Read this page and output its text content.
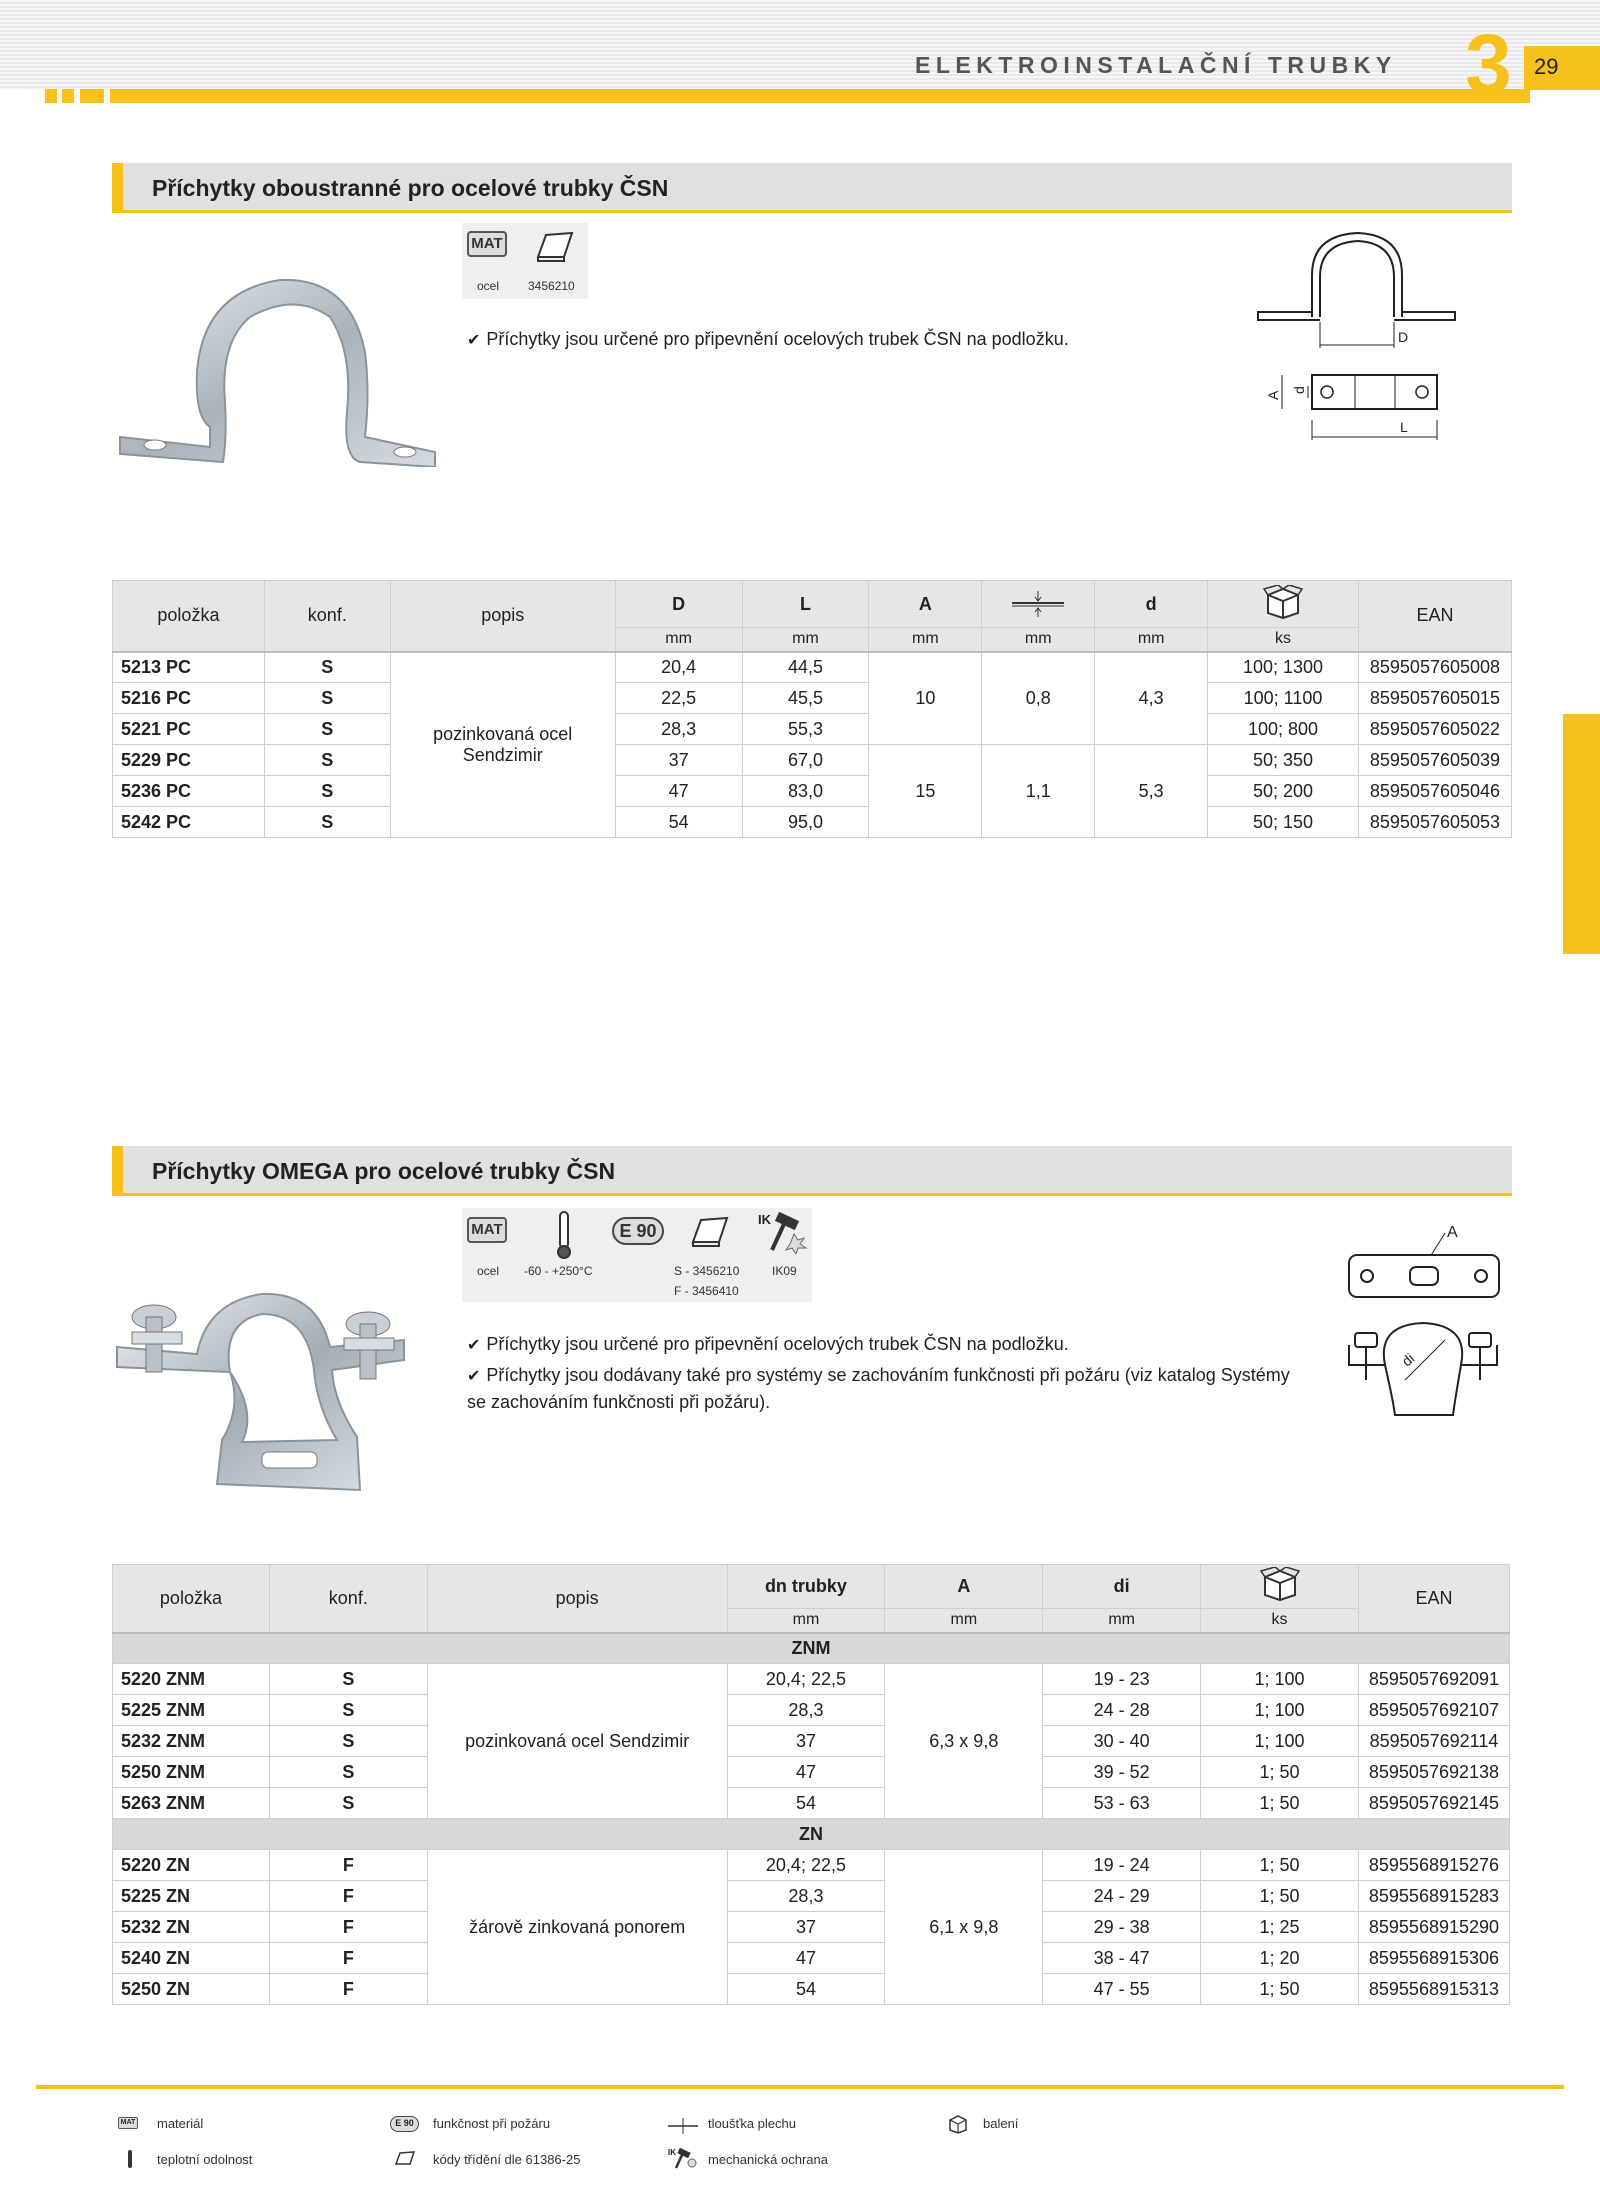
ELEKTROINSTALAČNÍ TRUBKY 3	29
Příchytky oboustranné pro ocelové trubky ČSN
MAT
ocel 3456210
✔ Příchytky jsou určené pro připevnění ocelových trubek ČSN na podložku.	D
L
A
d
položka	konf.	popis	D	L	A		d		EAN
			mm	mm	mm	mm	mm	ks	
5213 PC	S	pozinkovaná ocel Sendzimir	20,4	44,5	10	0,8	4,3	100; 1300	8595057605008
5216 PC	S		22,5	45,5				100; 1100	8595057605015
5221 PC	S		28,3	55,3				100; 800	8595057605022
5229 PC	S		37	67,0	15	1,1	5,3	50; 350	8595057605039
5236 PC	S		47	83,0				50; 200	8595057605046
5242 PC	S		54	95,0				50; 150	8595057605053
Příchytky OMEGA pro ocelové trubky ČSN
MAT	E 90
IK
ocel -60 - +250°C	S - 3456210
F - 3456410
IK09
✔ Příchytky jsou určené pro připevnění ocelových trubek ČSN na podložku.
✔ Příchytky jsou dodávany také pro systémy se zachováním funkčnosti při požáru (viz katalog Systémy
se zachováním funkčnosti při požáru).
A
di
položka	konf.	popis	dn trubky	A	di		EAN
			mm	mm	mm	ks	
ZNM							
5220 ZNM	S	pozinkovaná ocel Sendzimir	20,4; 22,5	6,3 x 9,8	19 - 23	1; 100	8595057692091
5225 ZNM	S		28,3		24 - 28	1; 100	8595057692107
5232 ZNM	S		37		30 - 40	1; 100	8595057692114
5250 ZNM	S		47		39 - 52	1; 50	8595057692138
5263 ZNM	S		54		53 - 63	1; 50	8595057692145
ZN							
5220 ZN	F	žárově zinkovaná ponorem	20,4; 22,5	6,1 x 9,8	19 - 24	1; 50	8595568915276
5225 ZN	F		28,3		24 - 29	1; 50	8595568915283
5232 ZN	F		37		29 - 38	1; 25	8595568915290
5240 ZN	F		47		38 - 47	1; 20	8595568915306
5250 ZN	F		54		47 - 55	1; 50	8595568915313
MAT materiál
teplotní odolnost
E 90	funkčnost při požáru
kódy třídění dle 61386-25
tloušťka plechu
IK mechanická ochrana
balení
